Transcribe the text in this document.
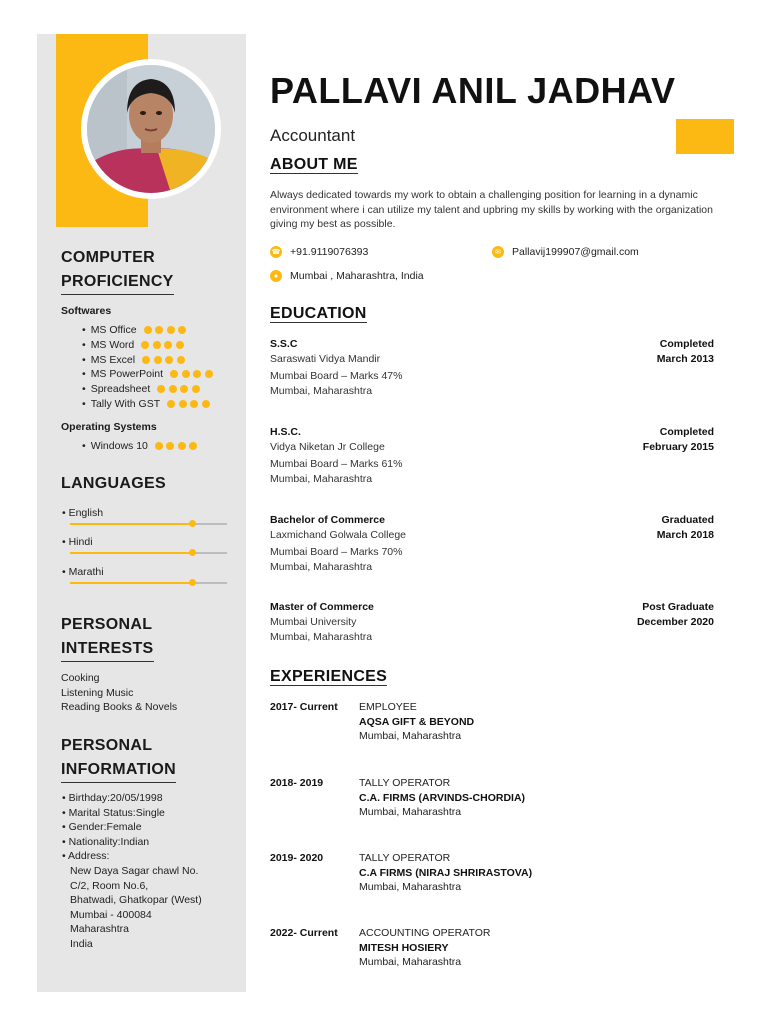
COMPUTER
PROFICIENCY
Softwares
• MS Office
• MS Word
• MS Excel
• MS PowerPoint
• Spreadsheet
• Tally With GST
Operating Systems
• Windows 10
LANGUAGES
• English
• Hindi
• Marathi
PERSONAL
INTERESTS
Cooking
Listening Music
Reading Books & Novels
PERSONAL
INFORMATION
• Birthday:20/05/1998
• Marital Status:Single
• Gender:Female
• Nationality:Indian
• Address:
New Daya Sagar chawl No.
C/2, Room No.6,
Bhatwadi, Ghatkopar (West)
Mumbai - 400084
Maharashtra
India
PALLAVI ANIL JADHAV
Accountant
ABOUT ME
Always dedicated towards my work to obtain a challenging position for learning in a dynamic environment where i can utilize my talent and upbring my skills by working with the organization giving my best as possible.
☎ +91.9119076393	✉ Pallavij199907@gmail.com
●	Mumbai , Maharashtra, India
EDUCATION
S.S.C
Saraswati Vidya Mandir
Mumbai Board – Marks 47%
Mumbai, Maharashtra
Completed
March 2013
H.S.C.
Vidya Niketan Jr College
Mumbai Board – Marks 61%
Mumbai, Maharashtra
Completed
February 2015
Bachelor of Commerce
Laxmichand Golwala College
Mumbai Board – Marks 70%
Mumbai, Maharashtra
Graduated
March 2018
Master of Commerce
Mumbai University
Mumbai, Maharashtra
Post Graduate
December 2020
EXPERIENCES
2017- Current EMPLOYEE
AQSA GIFT & BEYOND
Mumbai, Maharashtra
2018- 2019	TALLY OPERATOR
C.A. FIRMS (ARVINDS-CHORDIA)
Mumbai, Maharashtra
2019- 2020	TALLY OPERATOR
C.A FIRMS (NIRAJ SHRIRASTOVA)
Mumbai, Maharashtra
2022- Current ACCOUNTING OPERATOR
MITESH HOSIERY
Mumbai, Maharashtra
